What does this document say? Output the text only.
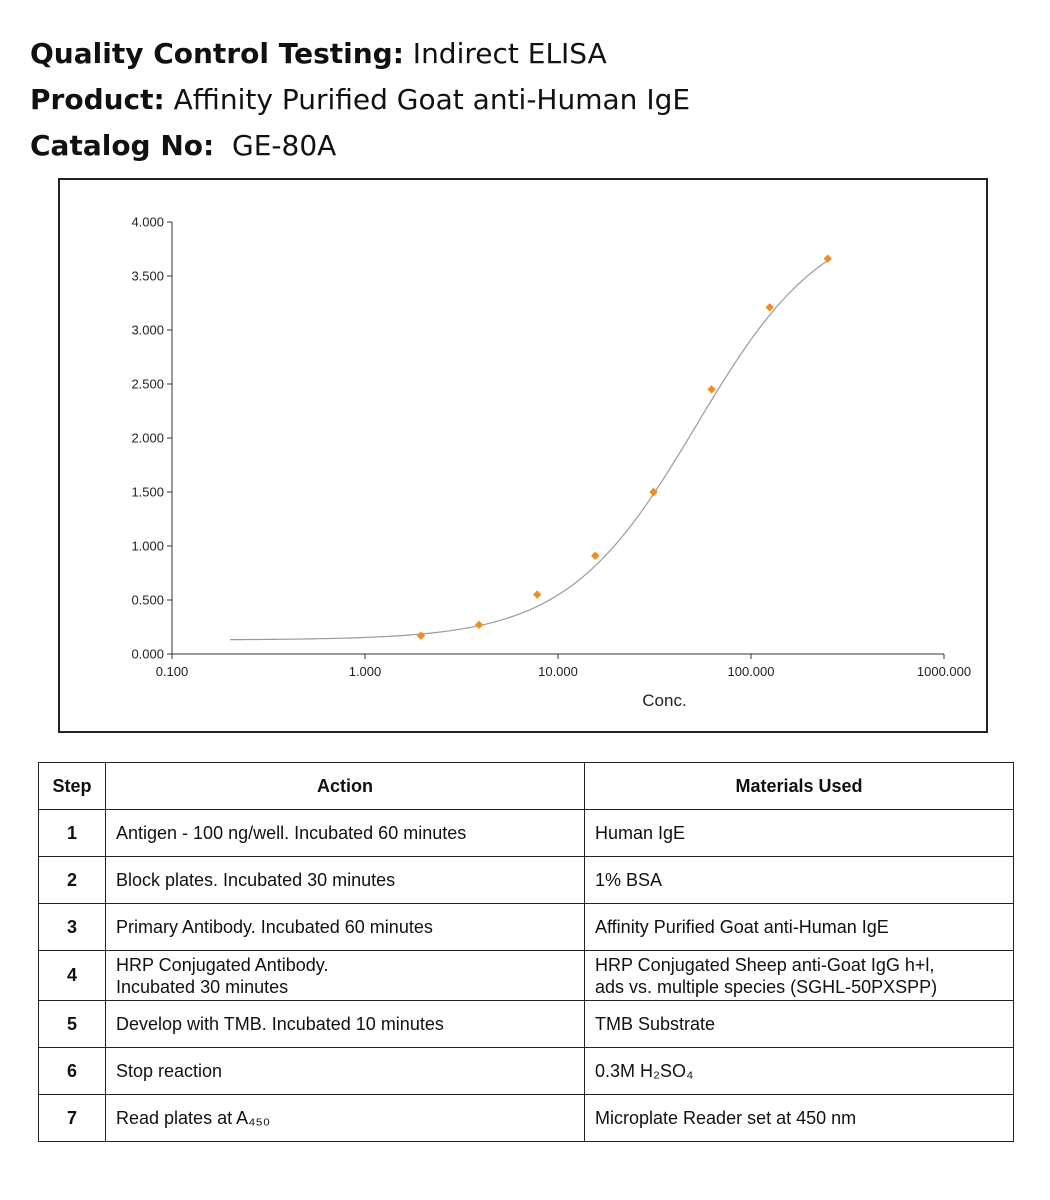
Quality Control Testing: Indirect ELISA
Product: Affinity Purified Goat anti-Human IgE
Catalog No:  GE-80A
0.000
0.500
1.000
1.500
2.000
2.500
3.000
3.500
4.000
0.100	1.000	10.000	100.000	1000.000
Conc.
Step	Action	Materials Used
1	Antigen - 100 ng/well. Incubated 60 minutes	Human IgE

2	Block plates. Incubated 30 minutes	1% BSA

3	Primary Antibody. Incubated 60 minutes	Affinity Purified Goat anti-Human IgE

4	HRP Conjugated Antibody.
Incubated 30 minutes	HRP Conjugated Sheep anti-Goat IgG h+l,
ads vs. multiple species (SGHL-50PXSPP)

5	Develop with TMB. Incubated 10 minutes	TMB Substrate

6	Stop reaction	0.3M H₂SO₄

7	Read plates at A₄₅₀	Microplate Reader set at 450 nm
